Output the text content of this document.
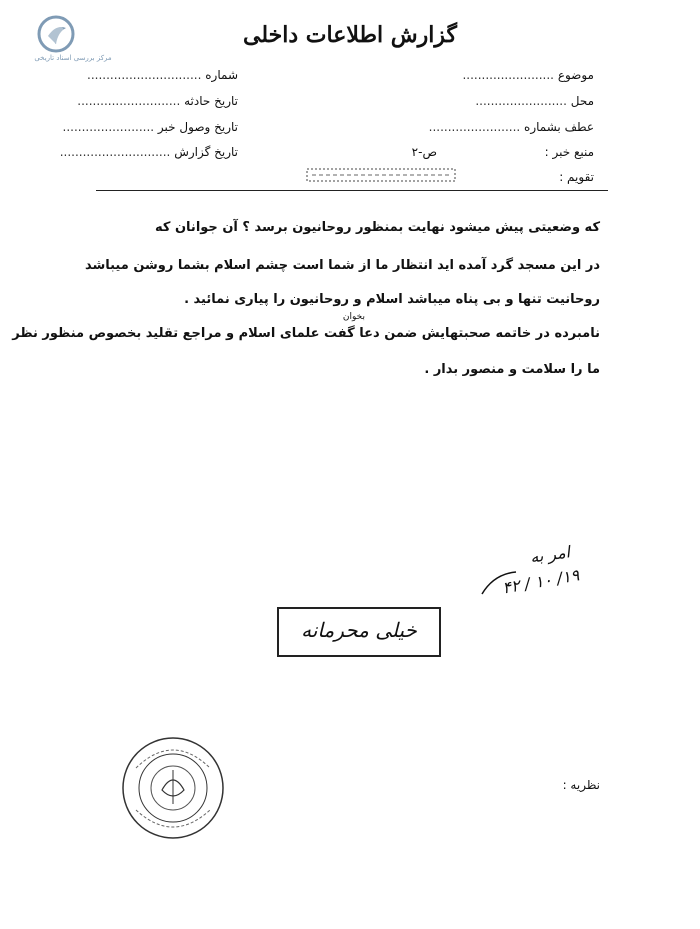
مرکز بررسی اسناد تاریخی
گزارش اطلاعات داخلی
موضوع ........................
محل ........................
عطف بشماره ........................
منبع خبر :  ص-۲
تقویم :
شماره ..............................
تاریخ حادثه ...........................
تاریخ وصول خبر ........................
تاریخ گزارش .............................
که وضعیتی پیش میشود نهایت بمنظور روحانیون برسد ؟ آن جوانان که
در این مسجد گرد آمده اید انتظار ما از شما است چشم اسلام بشما روشن میباشد
روحانیت تنها و بی پناه میباشد اسلام و روحانیون را پیاری نمائید .
بخوان
نامبرده در خاتمه صحبتهایش ضمن دعا گفت علمای اسلام و مراجع تقلید بخصوص منظور نظر
ما را سلامت و منصور بدار .
امر به
۱۹/ ۱۰ / ۴۲
خیلی محرمانه
نظریه :
